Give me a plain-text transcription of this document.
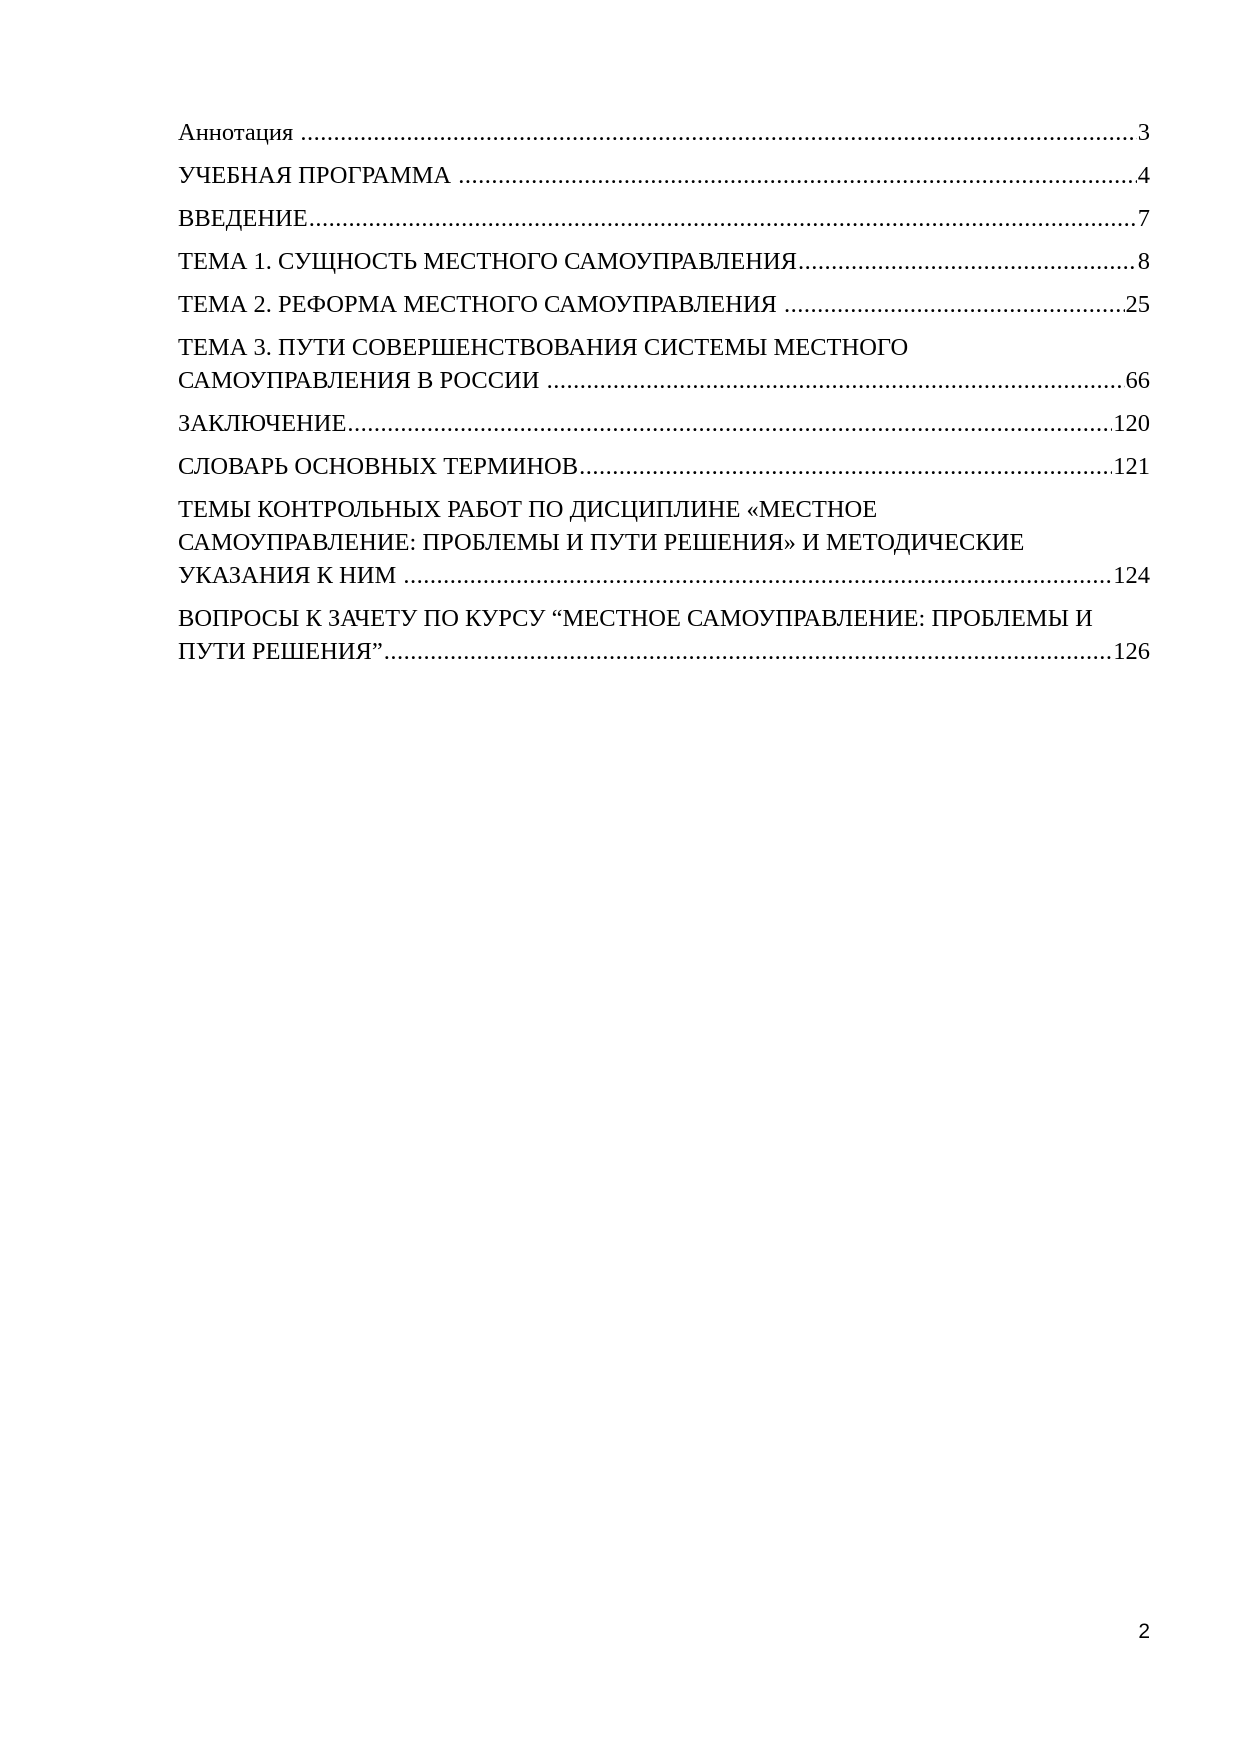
Аннотация .....	3
УЧЕБНАЯ ПРОГРАММА .....	4
ВВЕДЕНИЕ .....	7
ТЕМА 1. СУЩНОСТЬ МЕСТНОГО САМОУПРАВЛЕНИЯ .....	8
ТЕМА 2. РЕФОРМА МЕСТНОГО САМОУПРАВЛЕНИЯ .....	25
ТЕМА 3. ПУТИ СОВЕРШЕНСТВОВАНИЯ СИСТЕМЫ МЕСТНОГО
САМОУПРАВЛЕНИЯ В РОССИИ .....	66
ЗАКЛЮЧЕНИЕ .....	120
СЛОВАРЬ ОСНОВНЫХ ТЕРМИНОВ .....	121
ТЕМЫ КОНТРОЛЬНЫХ РАБОТ ПО ДИСЦИПЛИНЕ «МЕСТНОЕ
САМОУПРАВЛЕНИЕ: ПРОБЛЕМЫ И ПУТИ РЕШЕНИЯ» И МЕТОДИЧЕСКИЕ
УКАЗАНИЯ К НИМ .....	124
ВОПРОСЫ К ЗАЧЕТУ ПО КУРСУ “МЕСТНОЕ САМОУПРАВЛЕНИЕ: ПРОБЛЕМЫ И
ПУТИ РЕШЕНИЯ” .....	126
2
